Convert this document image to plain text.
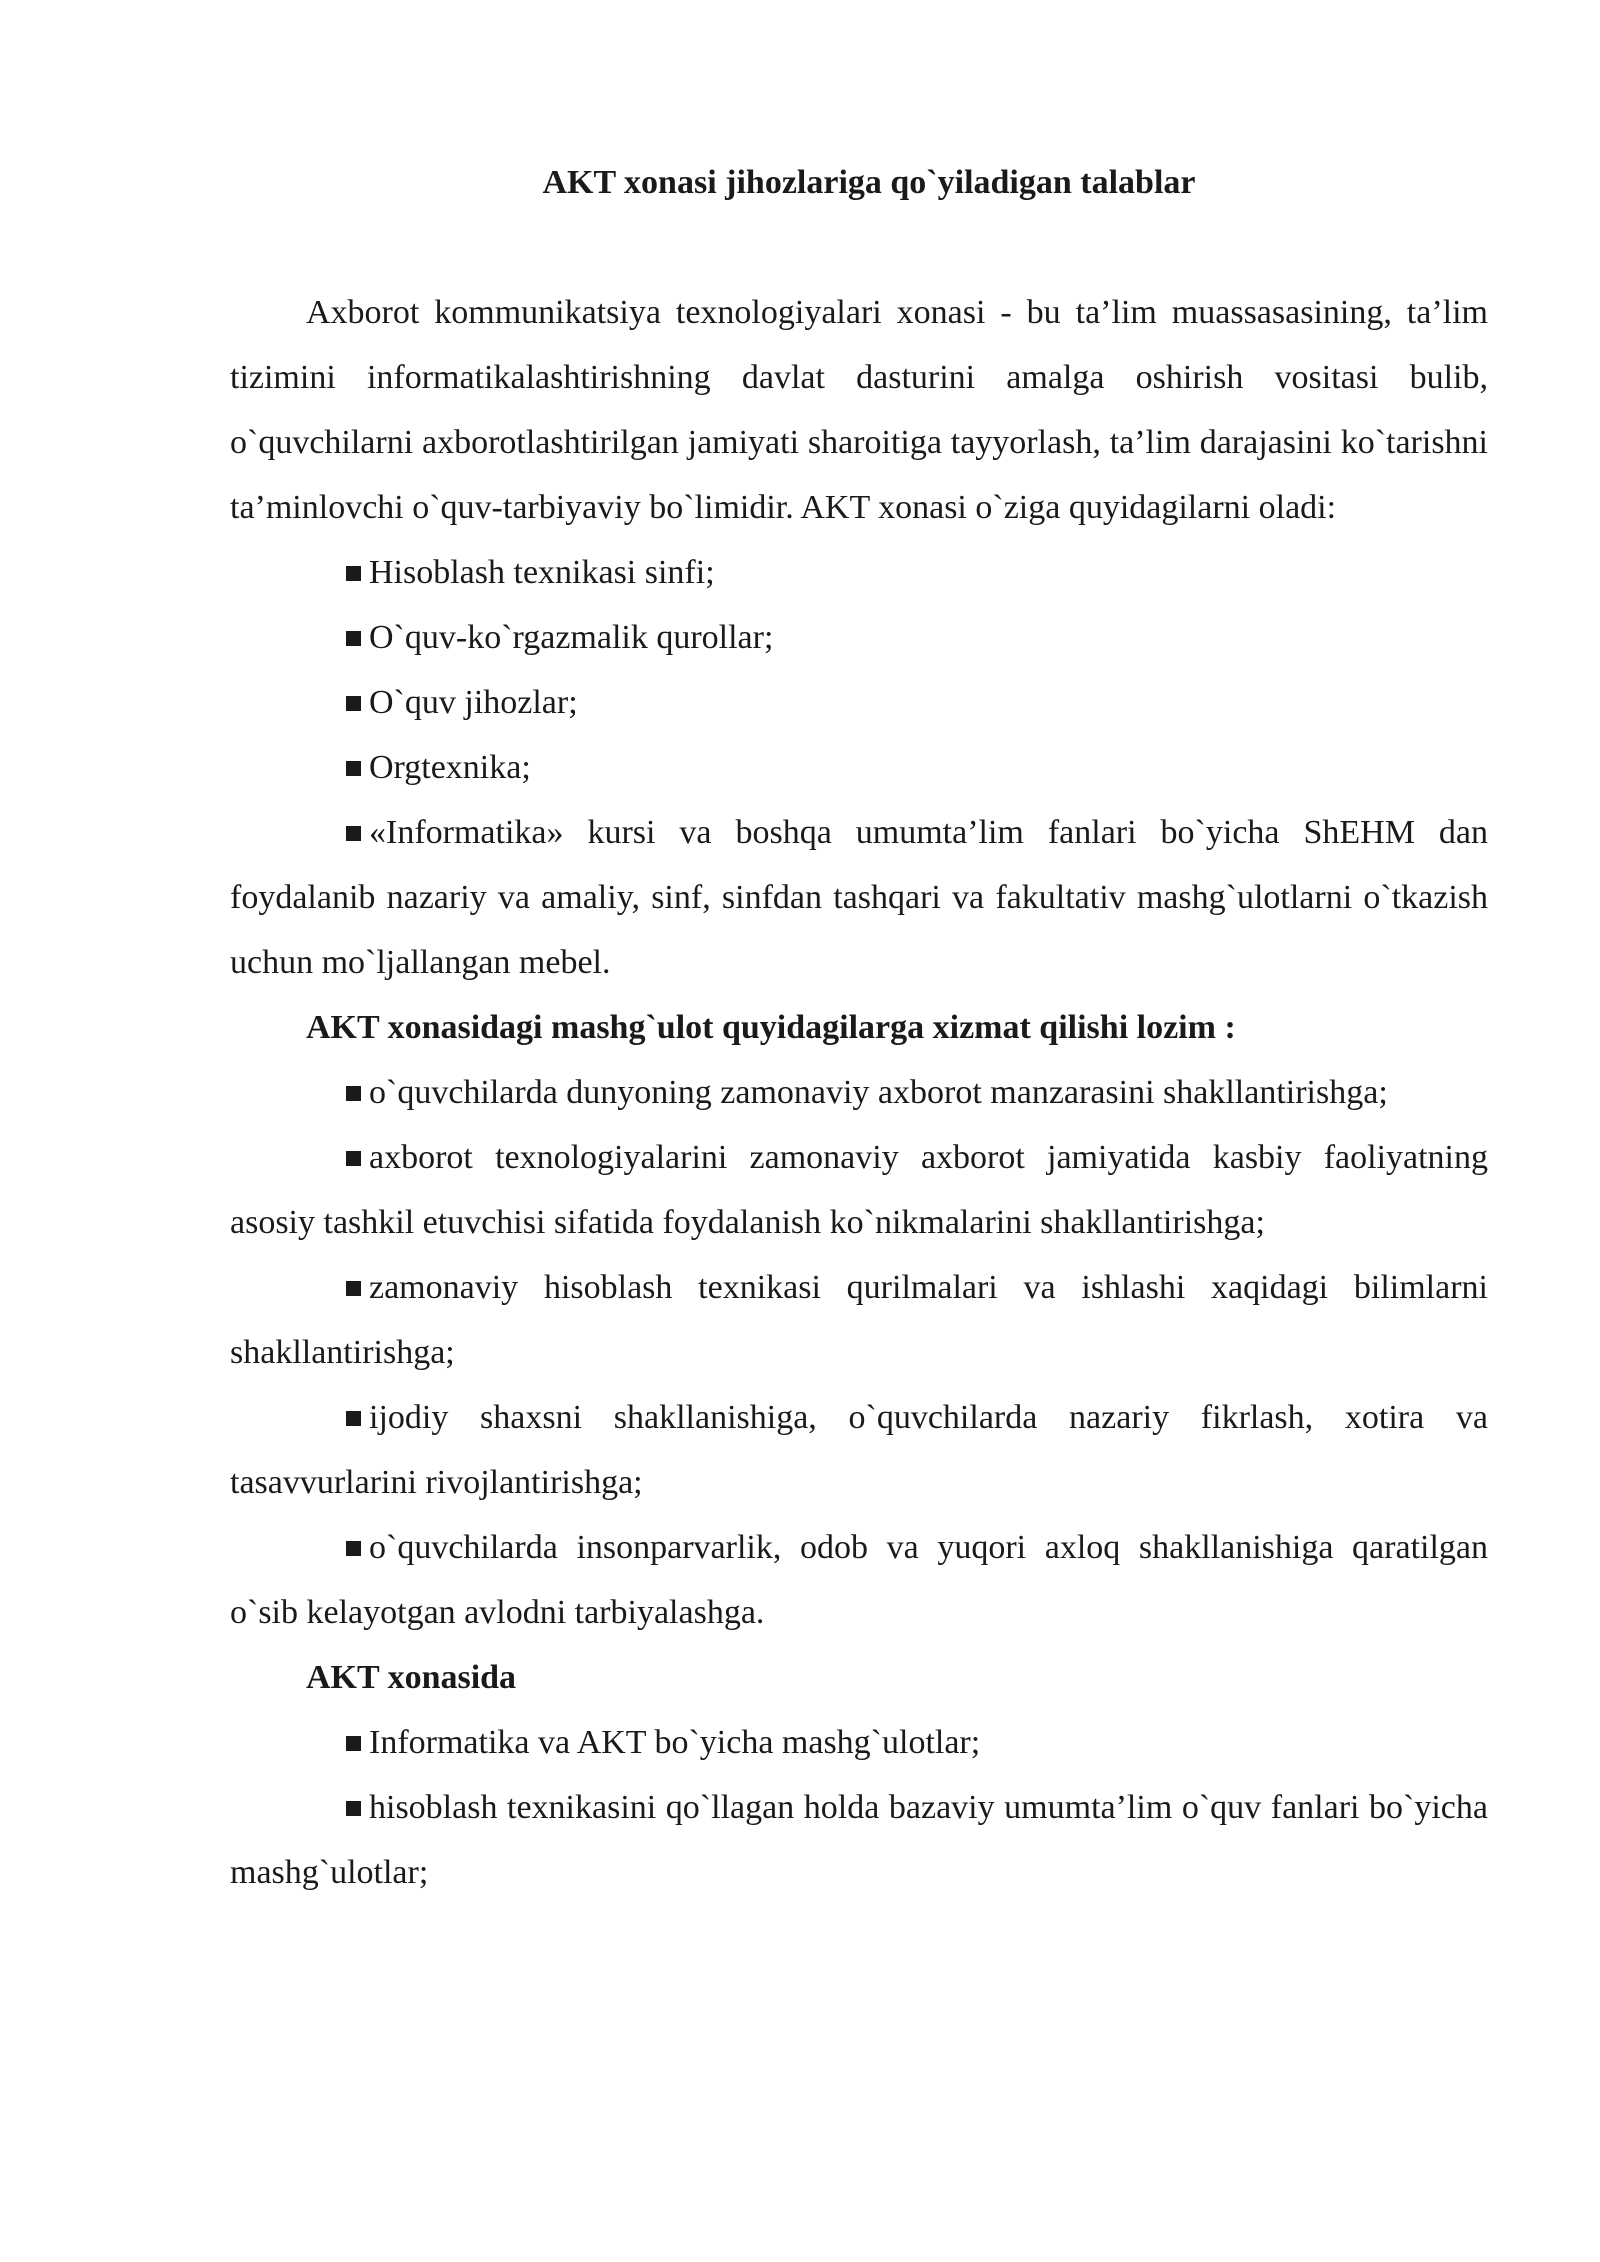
AKT xonasi jihozlariga qo`yiladigan talablar

Axborot kommunikatsiya texnologiyalari xonasi - bu ta’lim muassasasining, ta’lim tizimini informatikalashtirishning davlat dasturini amalga oshirish vositasi bulib, o`quvchilarni axborotlashtirilgan jamiyati sharoitiga tayyorlash, ta’lim darajasini ko`tarishni ta’minlovchi o`quv-tarbiyaviy bo`limidir. AKT xonasi o`ziga quyidagilarni oladi:

Hisoblash texnikasi sinfi;

O`quv-ko`rgazmalik qurollar;

O`quv jihozlar;

Orgtexnika;

«Informatika» kursi va boshqa umumta’lim fanlari bo`yicha ShEHM dan foydalanib nazariy va amaliy, sinf, sinfdan tashqari va fakultativ mashg`ulotlarni o`tkazish uchun mo`ljallangan mebel.

AKT xonasidagi mashg`ulot quyidagilarga xizmat qilishi lozim :

o`quvchilarda dunyoning zamonaviy axborot manzarasini shakllantirishga;

axborot texnologiyalarini zamonaviy axborot jamiyatida kasbiy faoliyatning asosiy tashkil etuvchisi sifatida foydalanish ko`nikmalarini shakllantirishga;

zamonaviy hisoblash texnikasi qurilmalari va ishlashi xaqidagi bilimlarni shakllantirishga;

ijodiy shaxsni shakllanishiga, o`quvchilarda nazariy fikrlash, xotira va tasavvurlarini rivojlantirishga;

o`quvchilarda insonparvarlik, odob va yuqori axloq shakllanishiga qaratilgan o`sib kelayotgan avlodni tarbiyalashga.

AKT xonasida

Informatika va AKT bo`yicha mashg`ulotlar;

hisoblash texnikasini qo`llagan holda bazaviy umumta’lim o`quv fanlari bo`yicha mashg`ulotlar;
